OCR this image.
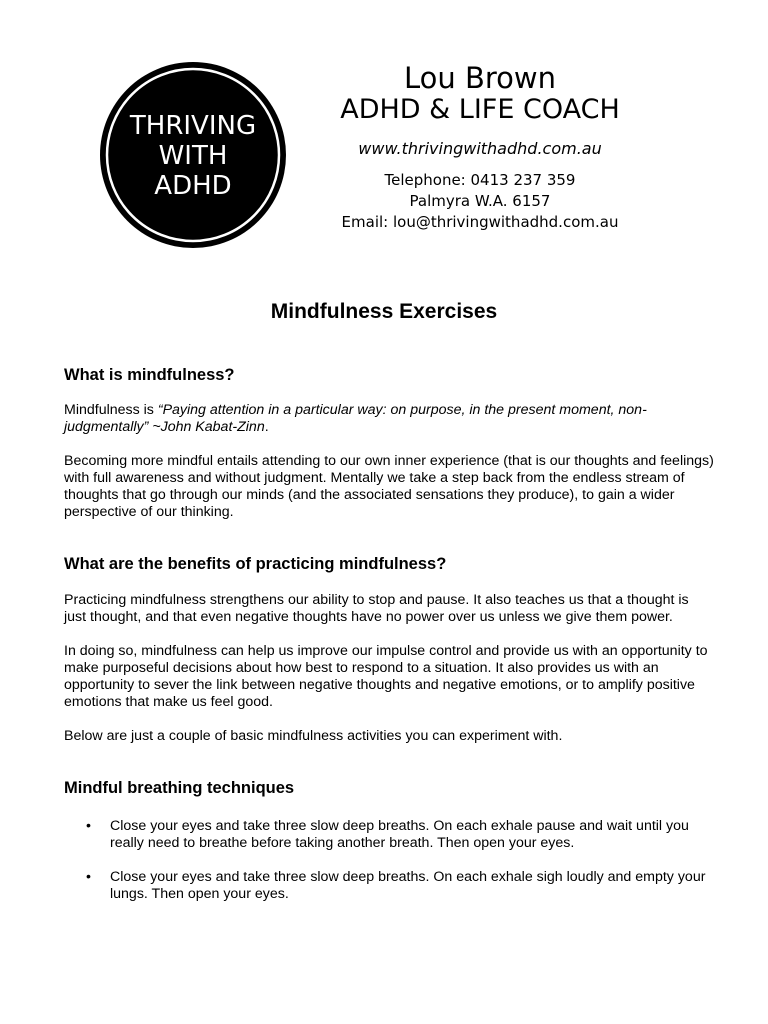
THRIVING
WITH
ADHD
Lou Brown
ADHD & LIFE COACH
www.thrivingwithadhd.com.au
Telephone: 0413 237 359
Palmyra W.A. 6157
Email: lou@thrivingwithadhd.com.au
Mindfulness Exercises
What is mindfulness?

Mindfulness is “Paying attention in a particular way: on purpose, in the present moment, non-judgmentally” ~John Kabat-Zinn.

Becoming more mindful entails attending to our own inner experience (that is our thoughts and feelings) with full awareness and without judgment. Mentally we take a step back from the endless stream of thoughts that go through our minds (and the associated sensations they produce), to gain a wider perspective of our thinking.

What are the benefits of practicing mindfulness?

Practicing mindfulness strengthens our ability to stop and pause. It also teaches us that a thought is just thought, and that even negative thoughts have no power over us unless we give them power.

In doing so, mindfulness can help us improve our impulse control and provide us with an opportunity to make purposeful decisions about how best to respond to a situation. It also provides us with an opportunity to sever the link between negative thoughts and negative emotions, or to amplify positive emotions that make us feel good.

Below are just a couple of basic mindfulness activities you can experiment with.

Mindful breathing techniques
• Close your eyes and take three slow deep breaths. On each exhale pause and wait until you really need to breathe before taking another breath. Then open your eyes.
• Close your eyes and take three slow deep breaths. On each exhale sigh loudly and empty your lungs. Then open your eyes.
